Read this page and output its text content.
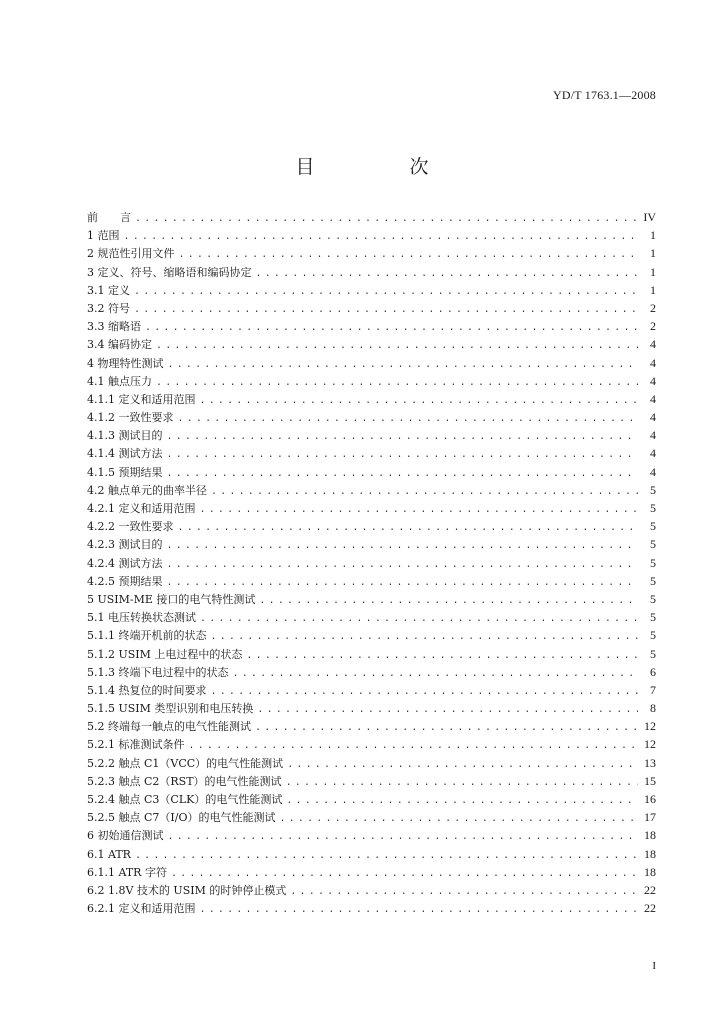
YD/T 1763.1—2008
目　次
前　　言 .....	IV
1 范围 .....	1
2 规范性引用文件 .....	1
3 定义、符号、缩略语和编码协定 .....	1
3.1 定义 .....	1
3.2 符号 .....	2
3.3 缩略语 .....	2
3.4 编码协定 .....	4
4 物理特性测试 .....	4
4.1 触点压力 .....	4
4.1.1 定义和适用范围 .....	4
4.1.2 一致性要求 .....	4
4.1.3 测试目的 .....	4
4.1.4 测试方法 .....	4
4.1.5 预期结果 .....	4
4.2 触点单元的曲率半径 .....	5
4.2.1 定义和适用范围 .....	5
4.2.2 一致性要求 .....	5
4.2.3 测试目的 .....	5
4.2.4 测试方法 .....	5
4.2.5 预期结果 .....	5
5 USIM-ME 接口的电气特性测试 .....	5
5.1 电压转换状态测试 .....	5
5.1.1 终端开机前的状态 .....	5
5.1.2 USIM 上电过程中的状态 .....	5
5.1.3 终端下电过程中的状态 .....	6
5.1.4 热复位的时间要求 .....	7
5.1.5 USIM 类型识别和电压转换 .....	8
5.2 终端每一触点的电气性能测试 .....	12
5.2.1 标准测试条件 .....	12
5.2.2 触点 C1（VCC）的电气性能测试 .....	13
5.2.3 触点 C2（RST）的电气性能测试 .....	15
5.2.4 触点 C3（CLK）的电气性能测试 .....	16
5.2.5 触点 C7（I/O）的电气性能测试 .....	17
6 初始通信测试 .....	18
6.1 ATR .....	18
6.1.1 ATR 字符 .....	18
6.2 1.8V 技术的 USIM 的时钟停止模式 .....	22
6.2.1 定义和适用范围 .....	22
I
